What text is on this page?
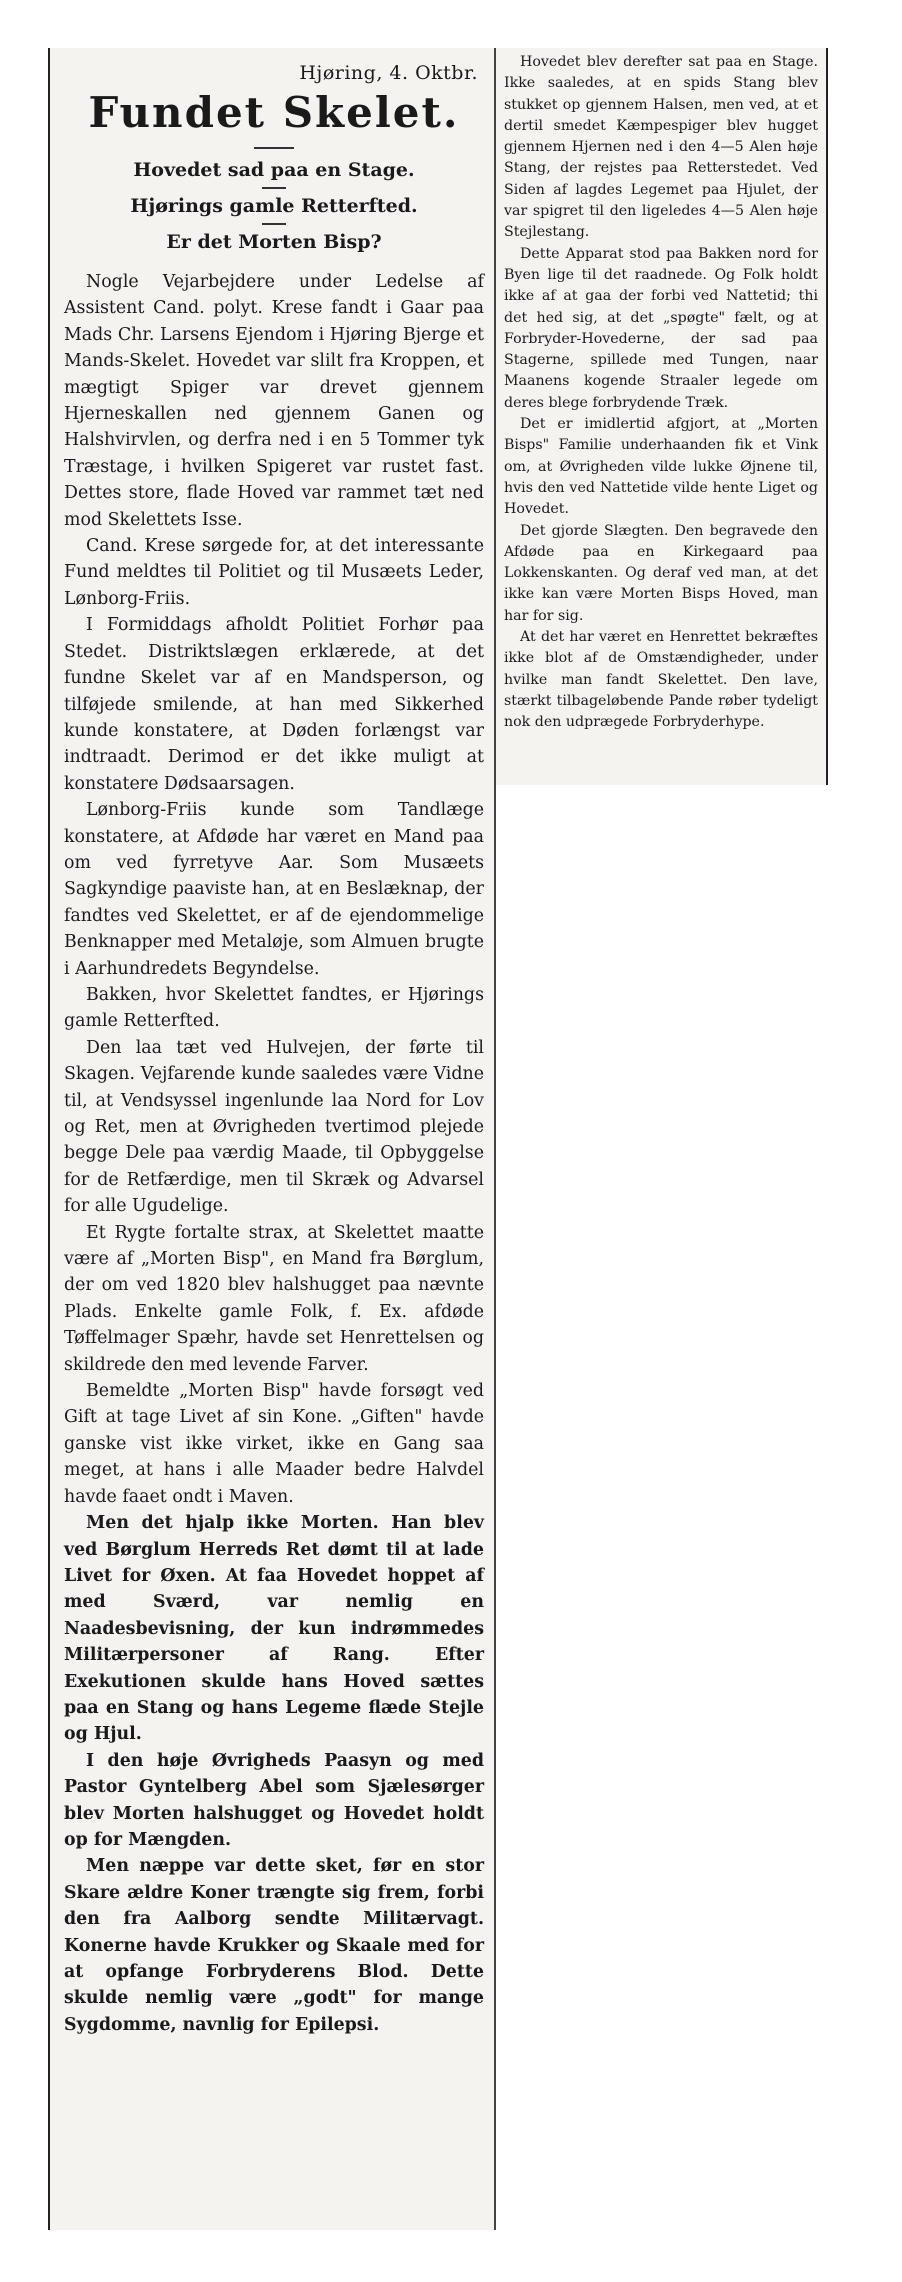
Hjøring, 4. Oktbr.
Fundet Skelet.
Hovedet sad paa en Stage.
Hjørings gamle Retterfted.
Er det Morten Bisp?

Nogle Vejarbejdere under Ledelse af Assistent Cand. polyt. Krese fandt i Gaar paa Mads Chr. Larsens Ejendom i Hjøring Bjerge et Mands-Skelet. Hovedet var slilt fra Kroppen, et mægtigt Spiger var drevet gjennem Hjerneskallen ned gjennem Ganen og Halshvirvlen, og derfra ned i en 5 Tommer tyk Træstage, i hvilken Spigeret var rustet fast. Dettes store, flade Hoved var rammet tæt ned mod Skelettets Isse.

Cand. Krese sørgede for, at det interessante Fund meldtes til Politiet og til Musæets Leder, Lønborg-Friis.

I Formiddags afholdt Politiet Forhør paa Stedet. Distriktslægen erklærede, at det fundne Skelet var af en Mandsperson, og tilføjede smilende, at han med Sikkerhed kunde konstatere, at Døden forlængst var indtraadt. Derimod er det ikke muligt at konstatere Dødsaarsagen.

Lønborg-Friis kunde som Tandlæge konstatere, at Afdøde har været en Mand paa om ved fyrretyve Aar. Som Musæets Sagkyndige paaviste han, at en Beslæknap, der fandtes ved Skelettet, er af de ejendommelige Benknapper med Metaløje, som Almuen brugte i Aarhundredets Begyndelse.

Bakken, hvor Skelettet fandtes, er Hjørings gamle Retterfted.

Den laa tæt ved Hulvejen, der førte til Skagen. Vejfarende kunde saaledes være Vidne til, at Vendsyssel ingenlunde laa Nord for Lov og Ret, men at Øvrigheden tvertimod plejede begge Dele paa værdig Maade, til Opbyggelse for de Retfærdige, men til Skræk og Advarsel for alle Ugudelige.

Et Rygte fortalte strax, at Skelettet maatte være af „Morten Bisp", en Mand fra Børglum, der om ved 1820 blev halshugget paa nævnte Plads. Enkelte gamle Folk, f. Ex. afdøde Tøffelmager Spæhr, havde set Henrettelsen og skildrede den med levende Farver.

Bemeldte „Morten Bisp" havde forsøgt ved Gift at tage Livet af sin Kone. „Giften" havde ganske vist ikke virket, ikke en Gang saa meget, at hans i alle Maader bedre Halvdel havde faaet ondt i Maven.

Men det hjalp ikke Morten. Han blev ved Børglum Herreds Ret dømt til at lade Livet for Øxen. At faa Hovedet hoppet af med Sværd, var nemlig en Naadesbevisning, der kun indrømmedes Militærpersoner af Rang. Efter Exekutionen skulde hans Hoved sættes paa en Stang og hans Legeme flæde Stejle og Hjul.

I den høje Øvrigheds Paasyn og med Pastor Gyntelberg Abel som Sjælesørger blev Morten halshugget og Hovedet holdt op for Mængden.

Men næppe var dette sket, før en stor Skare ældre Koner trængte sig frem, forbi den fra Aalborg sendte Militærvagt. Konerne havde Krukker og Skaale med for at opfange Forbryderens Blod. Dette skulde nemlig være „godt" for mange Sygdomme, navnlig for Epilepsi.

Hovedet blev derefter sat paa en Stage. Ikke saaledes, at en spids Stang blev stukket op gjennem Halsen, men ved, at et dertil smedet Kæmpespiger blev hugget gjennem Hjernen ned i den 4—5 Alen høje Stang, der rejstes paa Retterstedet. Ved Siden af lagdes Legemet paa Hjulet, der var spigret til den ligeledes 4—5 Alen høje Stejlestang.

Dette Apparat stod paa Bakken nord for Byen lige til det raadnede. Og Folk holdt ikke af at gaa der forbi ved Nattetid; thi det hed sig, at det „spøgte" fælt, og at Forbryder-Hovederne, der sad paa Stagerne, spillede med Tungen, naar Maanens kogende Straaler legede om deres blege forbrydende Træk.

Det er imidlertid afgjort, at „Morten Bisps" Familie underhaanden fik et Vink om, at Øvrigheden vilde lukke Øjnene til, hvis den ved Nattetide vilde hente Liget og Hovedet.

Det gjorde Slægten. Den begravede den Afdøde paa en Kirkegaard paa Lokkenskanten. Og deraf ved man, at det ikke kan være Morten Bisps Hoved, man har for sig.

At det har været en Henrettet bekræftes ikke blot af de Omstændigheder, under hvilke man fandt Skelettet. Den lave, stærkt tilbageløbende Pande røber tydeligt nok den udprægede Forbryderhype.
